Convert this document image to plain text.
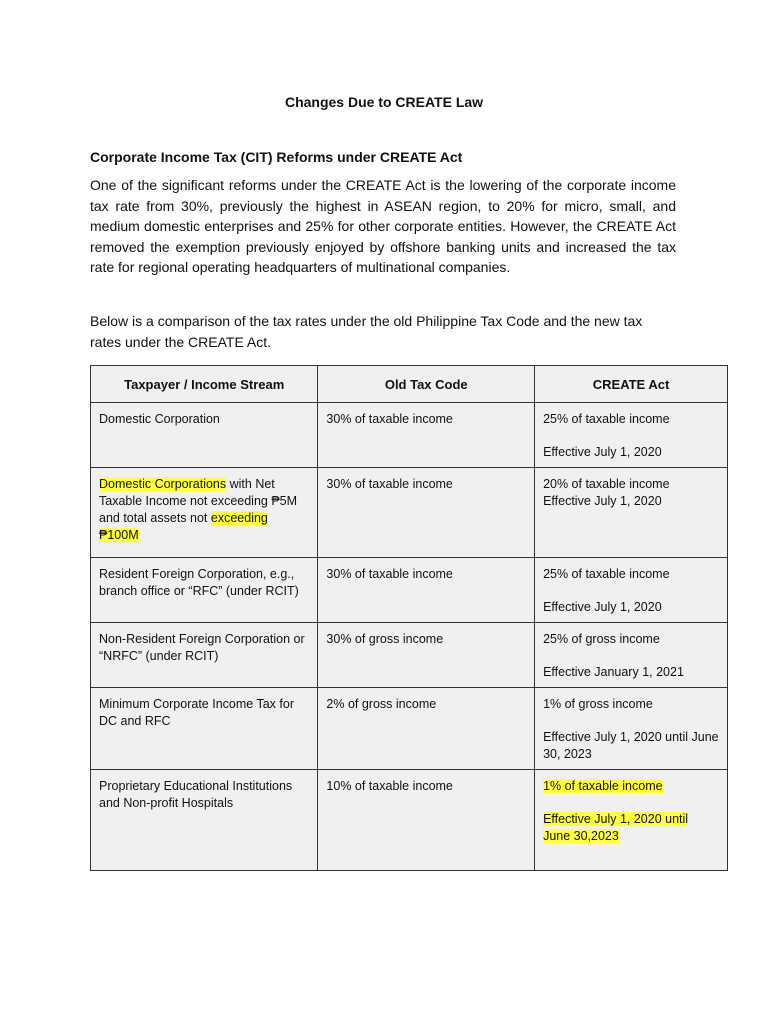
Changes Due to CREATE Law
Corporate Income Tax (CIT) Reforms under CREATE Act
One of the significant reforms under the CREATE Act is the lowering of the corporate income tax rate from 30%, previously the highest in ASEAN region, to 20% for micro, small, and medium domestic enterprises and 25% for other corporate entities. However, the CREATE Act removed the exemption previously enjoyed by offshore banking units and increased the tax rate for regional operating headquarters of multinational companies.
Below is a comparison of the tax rates under the old Philippine Tax Code and the new tax rates under the CREATE Act.
Taxpayer / Income Stream	Old Tax Code	CREATE Act
Domestic Corporation	30% of taxable income	25% of taxable income
Effective July 1, 2020

Domestic Corporations with Net Taxable Income not exceeding ₱5M and total assets not exceeding ₱100M	30% of taxable income	20% of taxable income
Effective July 1, 2020

Resident Foreign Corporation, e.g., branch office or “RFC” (under RCIT)	30% of taxable income	25% of taxable income
Effective July 1, 2020

Non-Resident Foreign Corporation or “NRFC” (under RCIT)	30% of gross income	25% of gross income
Effective January 1, 2021

Minimum Corporate Income Tax for DC and RFC	2% of gross income	1% of gross income
Effective July 1, 2020 until June 30, 2023

Proprietary Educational Institutions and Non-profit Hospitals	10% of taxable income	1% of taxable income
Effective July 1, 2020 until
June 30,2023
